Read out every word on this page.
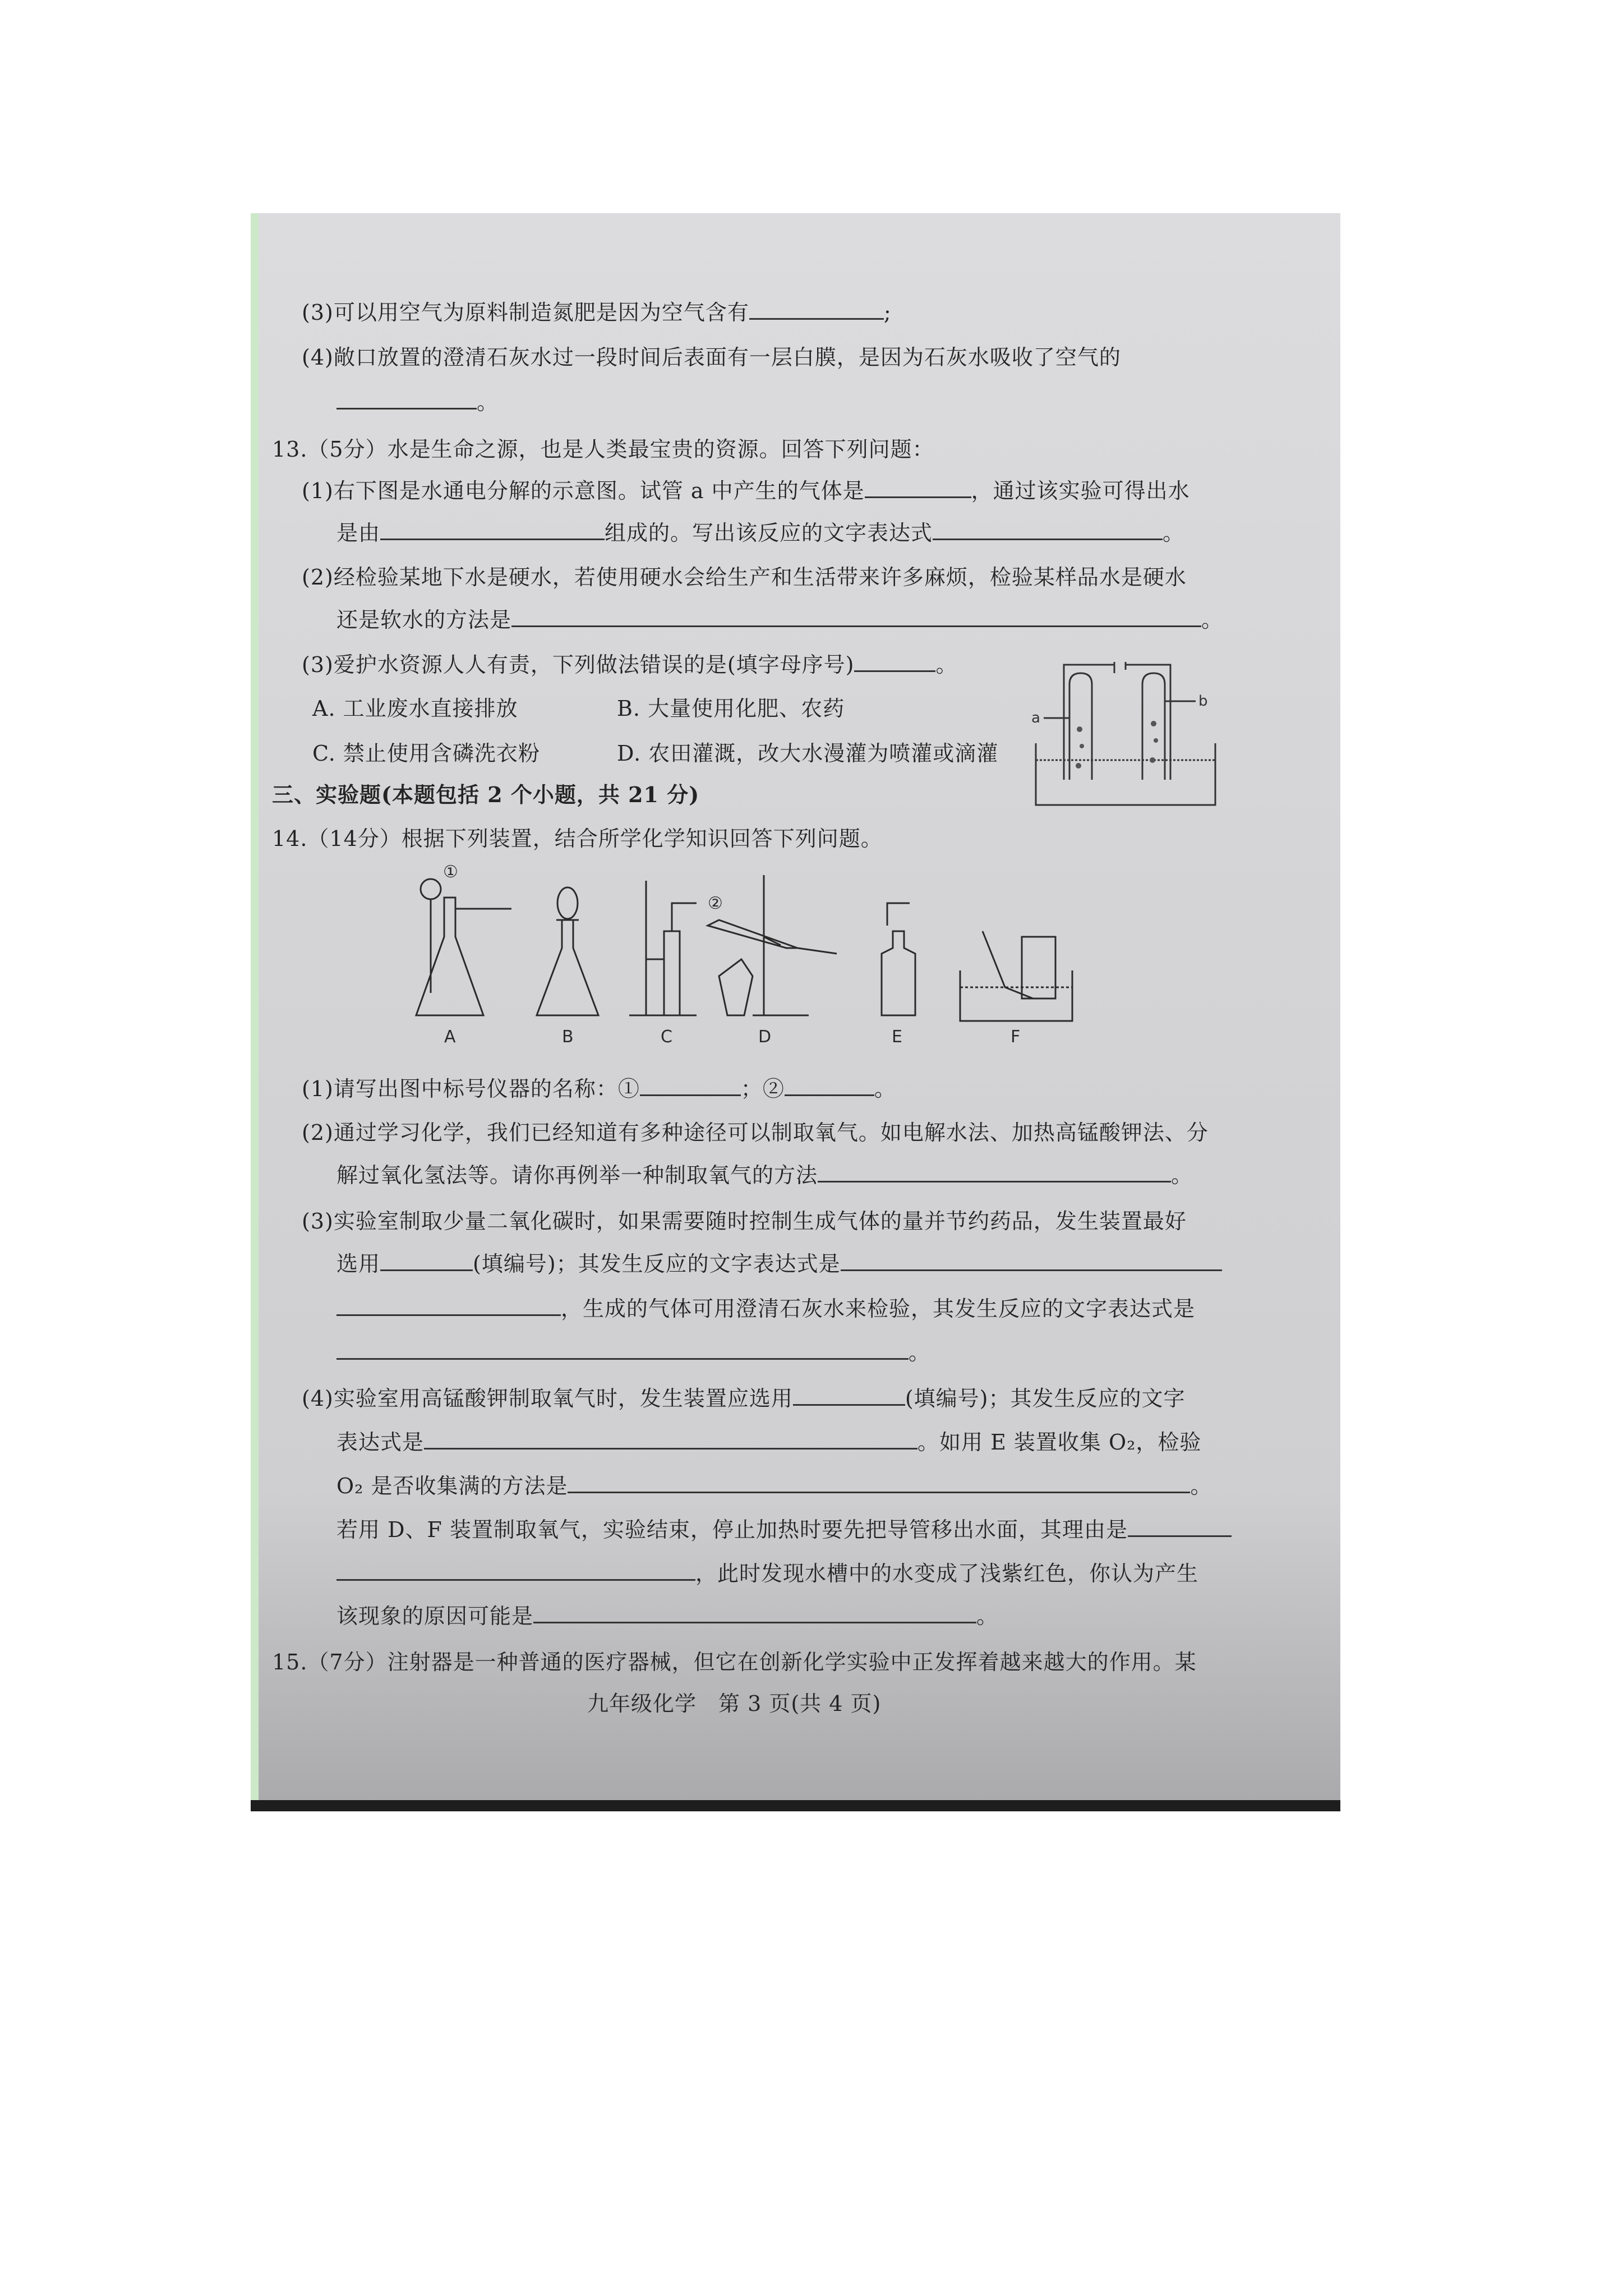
(3)可以用空气为原料制造氮肥是因为空气含有	;
(4)敞口放置的澄清石灰水过一段时间后表面有一层白膜，是因为石灰水吸收了空气的
。
13.（5分）水是生命之源，也是人类最宝贵的资源。回答下列问题：
(1)右下图是水通电分解的示意图。试管 a 中产生的气体是	，通过该实验可得出水
是由	组成的。写出该反应的文字表达式	。
(2)经检验某地下水是硬水，若使用硬水会给生产和生活带来许多麻烦，检验某样品水是硬水
还是软水的方法是	。
(3)爱护水资源人人有责，下列做法错误的是(填字母序号)	。
A. 工业废水直接排放	B. 大量使用化肥、农药
C. 禁止使用含磷洗衣粉	D. 农田灌溉，改大水漫灌为喷灌或滴灌
a
b
三、实验题(本题包括 2 个小题，共 21 分)
14.（14分）根据下列装置，结合所学化学知识回答下列问题。
①
②
A	B	C	D	E	F
(1)请写出图中标号仪器的名称：①	；②	。
(2)通过学习化学，我们已经知道有多种途径可以制取氧气。如电解水法、加热高锰酸钾法、分
解过氧化氢法等。请你再例举一种制取氧气的方法	。
(3)实验室制取少量二氧化碳时，如果需要随时控制生成气体的量并节约药品，发生装置最好
选用	(填编号)；其发生反应的文字表达式是
，生成的气体可用澄清石灰水来检验，其发生反应的文字表达式是
。
(4)实验室用高锰酸钾制取氧气时，发生装置应选用	(填编号)；其发生反应的文字
表达式是	。如用 E 装置收集 O₂，检验
O₂ 是否收集满的方法是	。
若用 D、F 装置制取氧气，实验结束，停止加热时要先把导管移出水面，其理由是
，此时发现水槽中的水变成了浅紫红色，你认为产生
该现象的原因可能是	。
15.（7分）注射器是一种普通的医疗器械，但它在创新化学实验中正发挥着越来越大的作用。某
九年级化学　第 3 页(共 4 页)
